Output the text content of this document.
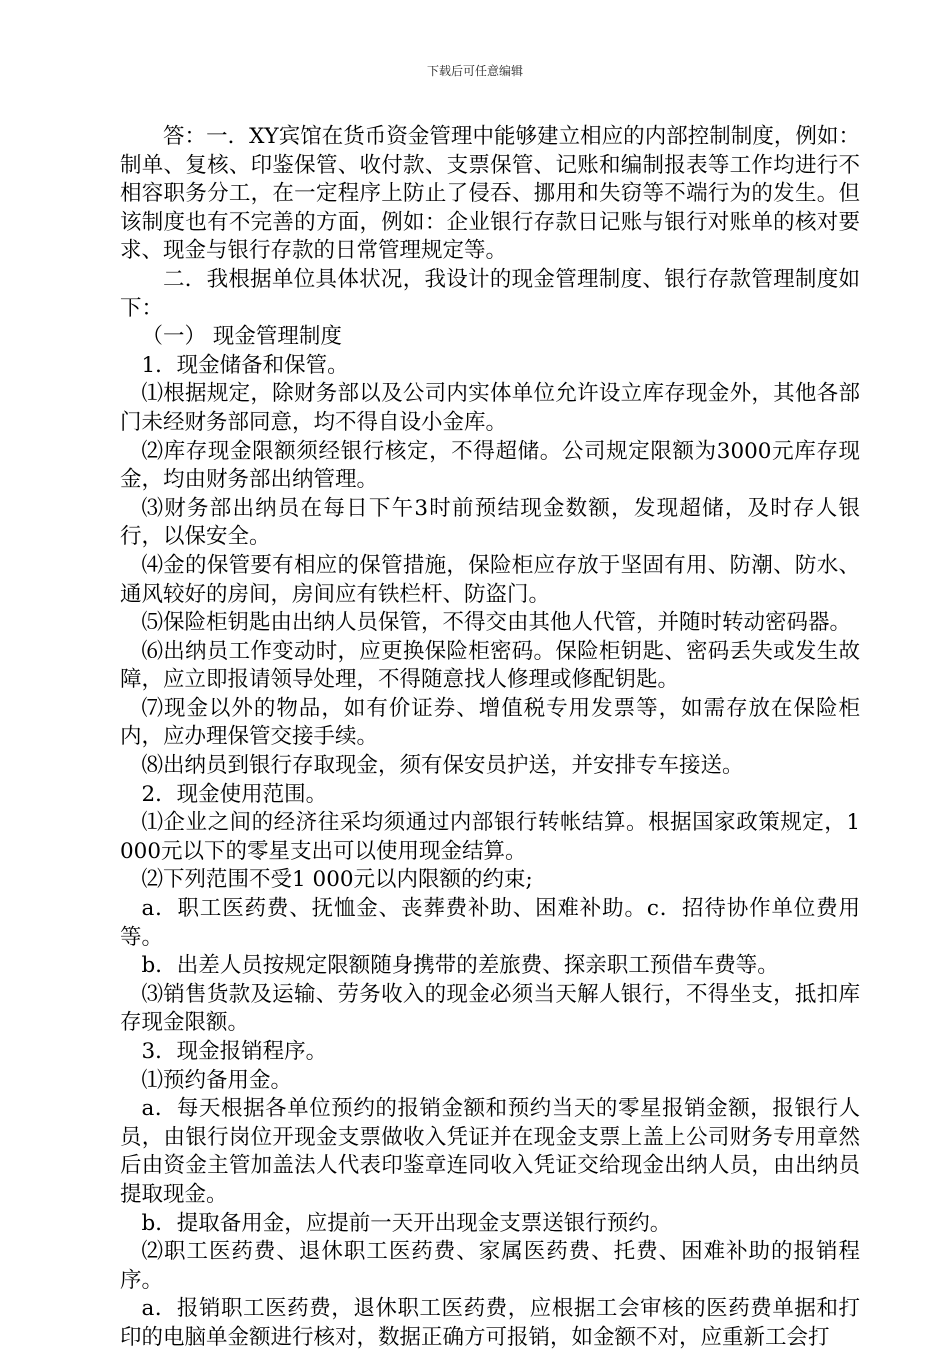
下载后可任意编辑

答：一．XY宾馆在货币资金管理中能够建立相应的内部控制制度，例如：制单、复核、印鉴保管、收付款、支票保管、记账和编制报表等工作均进行不相容职务分工，在一定程序上防止了侵吞、挪用和失窃等不端行为的发生。但该制度也有不完善的方面，例如：企业银行存款日记账与银行对账单的核对要求、现金与银行存款的日常管理规定等。

二．我根据单位具体状况，我设计的现金管理制度、银行存款管理制度如下：

（一） 现金管理制度

1．现金储备和保管。

⑴根据规定，除财务部以及公司内实体单位允许设立库存现金外，其他各部门未经财务部同意，均不得自设小金库。

⑵库存现金限额须经银行核定，不得超储。公司规定限额为3000元库存现金，均由财务部出纳管理。

⑶财务部出纳员在每日下午3时前预结现金数额，发现超储，及时存人银行，以保安全。

⑷金的保管要有相应的保管措施，保险柜应存放于坚固有用、防潮、防水、通风较好的房间，房间应有铁栏杆、防盗门。

⑸保险柜钥匙由出纳人员保管，不得交由其他人代管，并随时转动密码器。

⑹出纳员工作变动时，应更换保险柜密码。保险柜钥匙、密码丢失或发生故障，应立即报请领导处理，不得随意找人修理或修配钥匙。

⑺现金以外的物品，如有价证券、增值税专用发票等，如需存放在保险柜内，应办理保管交接手续。

⑻出纳员到银行存取现金，须有保安员护送，并安排专车接送。

2．现金使用范围。

⑴企业之间的经济往采均须通过内部银行转帐结算。根据国家政策规定，1 000元以下的零星支出可以使用现金结算。

⑵下列范围不受1 000元以内限额的约束;

a．职工医药费、抚恤金、丧葬费补助、困难补助。c．招待协作单位费用等。

b．出差人员按规定限额随身携带的差旅费、探亲职工预借车费等。

⑶销售货款及运输、劳务收入的现金必须当天解人银行，不得坐支，抵扣库存现金限额。

3．现金报销程序。

⑴预约备用金。

a．每天根据各单位预约的报销金额和预约当天的零星报销金额，报银行人员，由银行岗位开现金支票做收入凭证并在现金支票上盖上公司财务专用章然后由资金主管加盖法人代表印鉴章连同收入凭证交给现金出纳人员，由出纳员提取现金。

b．提取备用金，应提前一天开出现金支票送银行预约。

⑵职工医药费、退休职工医药费、家属医药费、托费、困难补助的报销程序。

a．报销职工医药费，退休职工医药费，应根据工会审核的医药费单据和打印的电脑单金额进行核对，数据正确方可报销，如金额不对，应重新工会打
